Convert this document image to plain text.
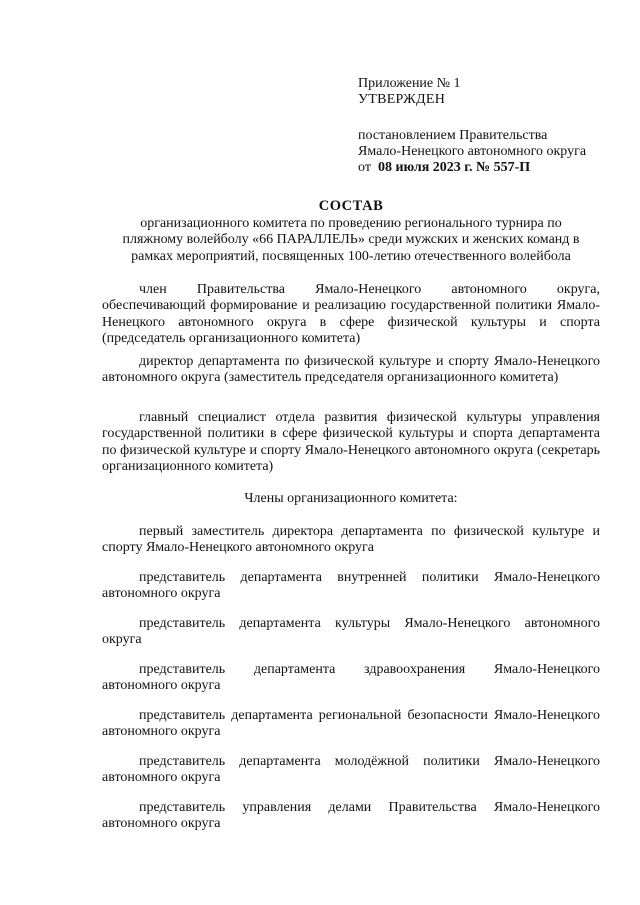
Приложение № 1
УТВЕРЖДЕН
постановлением Правительства
Ямало-Ненецкого автономного округа
от 08 июля 2023 г. № 557-П
СОСТАВ
организационного комитета по проведению регионального турнира по
пляжному волейболу «66 ПАРАЛЛЕЛЬ» среди мужских и женских команд в
рамках мероприятий, посвященных 100-летию отечественного волейбола
член Правительства Ямало-Ненецкого автономного округа, обеспечивающий формирование и реализацию государственной политики Ямало-Ненецкого автономного округа в сфере физической культуры и спорта (председатель организационного комитета)
директор департамента по физической культуре и спорту Ямало-Ненецкого автономного округа (заместитель председателя организационного комитета)
главный специалист отдела развития физической культуры управления государственной политики в сфере физической культуры и спорта департамента по физической культуре и спорту Ямало-Ненецкого автономного округа (секретарь организационного комитета)
Члены организационного комитета:
первый заместитель директора департамента по физической культуре и спорту Ямало-Ненецкого автономного округа
представитель департамента внутренней политики Ямало-Ненецкого автономного округа
представитель департамента культуры Ямало-Ненецкого автономного округа
представитель департамента здравоохранения Ямало-Ненецкого автономного округа
представитель департамента региональной безопасности Ямало-Ненецкого автономного округа
представитель департамента молодёжной политики Ямало-Ненецкого автономного округа
представитель управления делами Правительства Ямало-Ненецкого автономного округа
